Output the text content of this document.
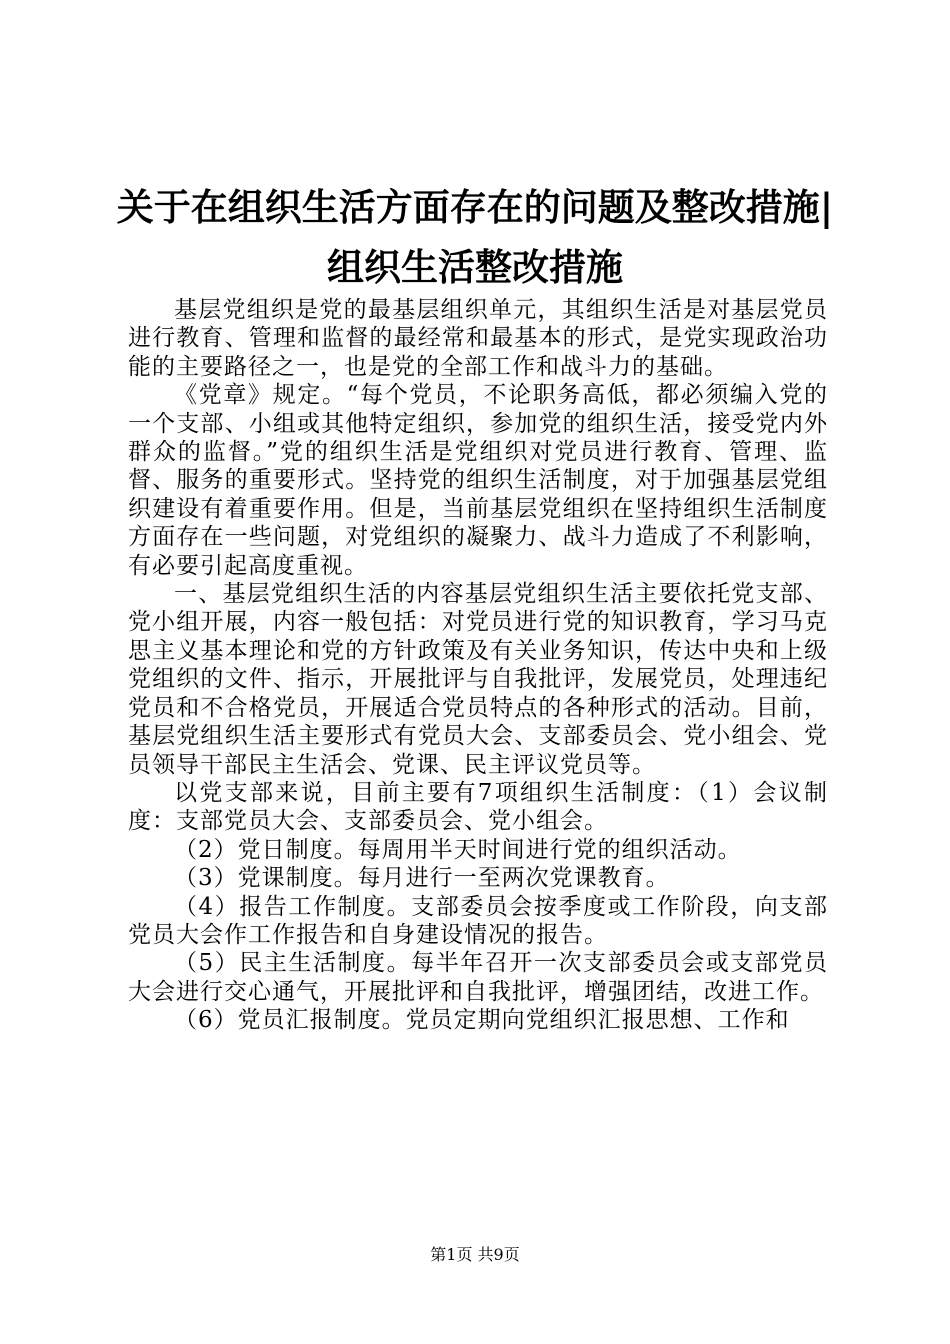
关于在组织生活方面存在的问题及整改措施|
组织生活整改措施

基层党组织是党的最基层组织单元，其组织生活是对基层党员进行教育、管理和监督的最经常和最基本的形式，是党实现政治功能的主要路径之一，也是党的全部工作和战斗力的基础。

《党章》规定。“每个党员，不论职务高低，都必须编入党的一个支部、小组或其他特定组织，参加党的组织生活，接受党内外群众的监督。”党的组织生活是党组织对党员进行教育、管理、监督、服务的重要形式。坚持党的组织生活制度，对于加强基层党组织建设有着重要作用。但是，当前基层党组织在坚持组织生活制度方面存在一些问题，对党组织的凝聚力、战斗力造成了不利影响，有必要引起高度重视。

一、基层党组织生活的内容基层党组织生活主要依托党支部、党小组开展，内容一般包括：对党员进行党的知识教育，学习马克思主义基本理论和党的方针政策及有关业务知识，传达中央和上级党组织的文件、指示，开展批评与自我批评，发展党员，处理违纪党员和不合格党员，开展适合党员特点的各种形式的活动。目前，基层党组织生活主要形式有党员大会、支部委员会、党小组会、党员领导干部民主生活会、党课、民主评议党员等。

以党支部来说，目前主要有7项组织生活制度：（1）会议制度：支部党员大会、支部委员会、党小组会。

（2）党日制度。每周用半天时间进行党的组织活动。

（3）党课制度。每月进行一至两次党课教育。

（4）报告工作制度。支部委员会按季度或工作阶段，向支部党员大会作工作报告和自身建设情况的报告。

（5）民主生活制度。每半年召开一次支部委员会或支部党员大会进行交心通气，开展批评和自我批评，增强团结，改进工作。

（6）党员汇报制度。党员定期向党组织汇报思想、工作和

第1页 共9页
